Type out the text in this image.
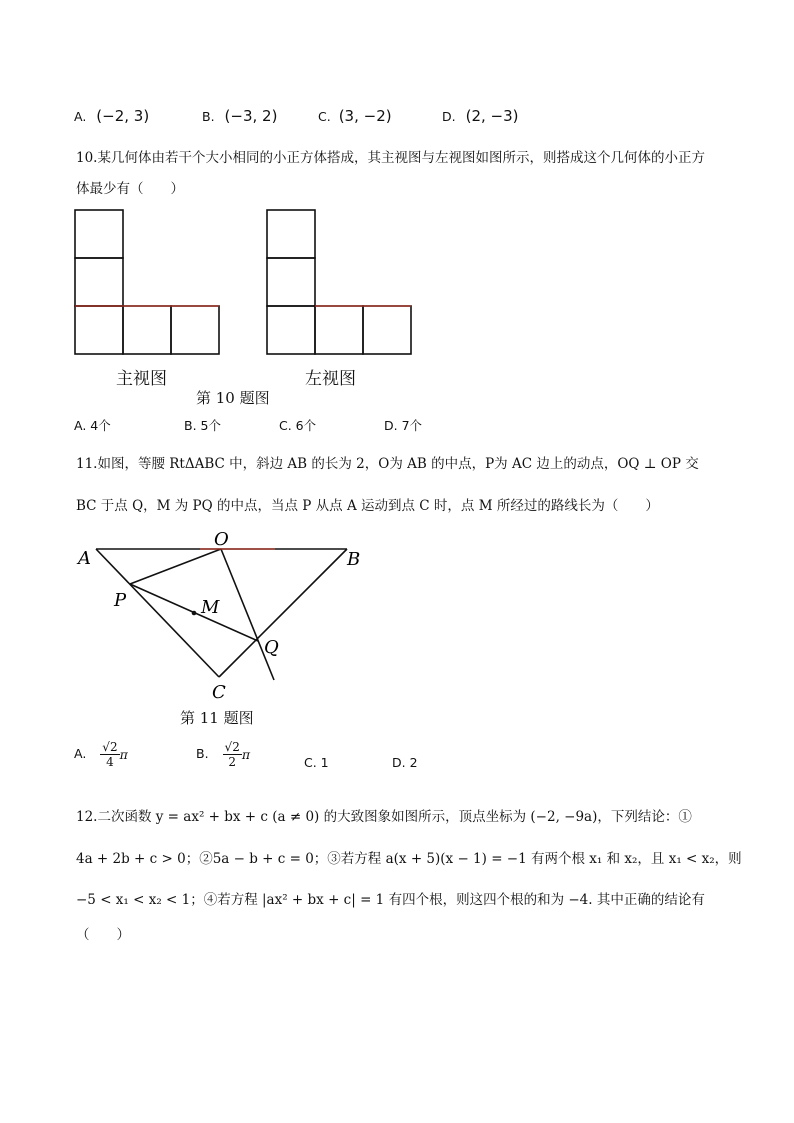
A. (−2, 3)	B. (−3, 2)	C. (3, −2)	D. (2, −3)
10.某几何体由若干个大小相同的小正方体搭成，其主视图与左视图如图所示，则搭成这个几何体的小正方
体最少有（　　）
主视图	左视图
第 10 题图
A. 4个	B. 5个	C. 6个	D. 7个
11.如图，等腰 RtΔABC 中，斜边 AB 的长为 2，O为 AB 的中点，P为 AC 边上的动点，OQ ⊥ OP 交
BC 于点 Q，M 为 PQ 的中点，当点 P 从点 A 运动到点 C 时，点 M 所经过的路线长为（　　）
A
O
B
P	M
Q
C
第 11 题图
A. $\frac{√2}{4}$ π	B. $\frac{√2}{2}$ π
C. 1	D. 2
12.二次函数 y = ax² + bx + c (a ≠ 0) 的大致图象如图所示，顶点坐标为 (−2, −9a)，下列结论：①
4a + 2b + c > 0；②5a − b + c = 0；③若方程 a(x + 5)(x − 1) = −1 有两个根 x₁ 和 x₂，且 x₁ < x₂，则
−5 < x₁ < x₂ < 1；④若方程 |ax² + bx + c| = 1 有四个根，则这四个根的和为 −4. 其中正确的结论有
（　　）
